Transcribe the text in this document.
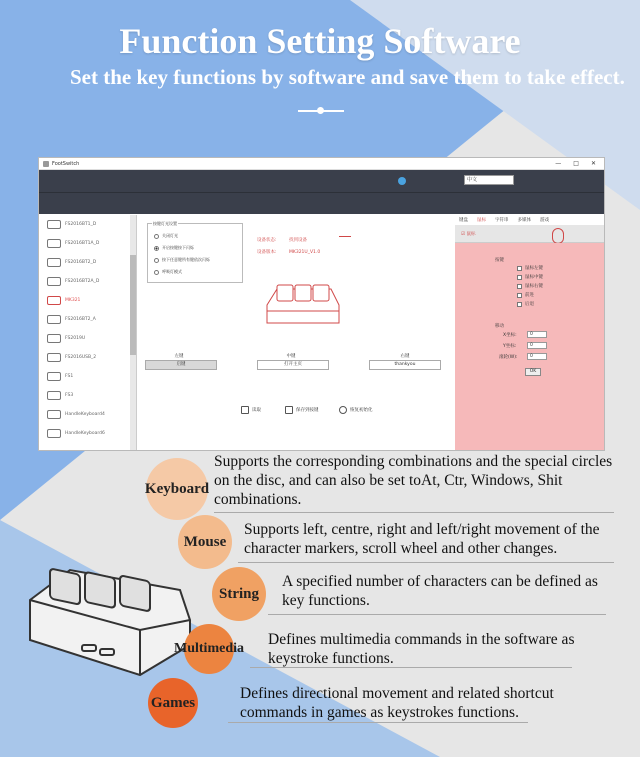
Function Setting Software
Set the key functions by software and save them to take effect.
FootSwitch	— □ ✕
中文
FS2016BT1_D
FS2016BT1A_D
FS2016BT2_D
FS2016BT2A_D
MK321
FS2016BT2_A
FS2019U
FS2016USB_2
FS1
FS3
HandleKeyboard4
HandleKeyboard6
按键灯光设置
关闭灯光
开启按键按下闪烁
按下任意键所有键依次闪烁
呼吸灯模式
设备状态:	找到设备
设备版本:	MK321U_V1.0
左键
启键
中键
打开主页
右键
thankyou
读取	保存到按键	恢复初始化
键盘 鼠标 字符串 多媒体 游戏
☑ 鼠标
按键
鼠标左键
鼠标中键
鼠标右键
前进
后退
移动
X坐标:	0
Y坐标:	0
滚轮(W):	0
OK
Keyboard
Supports the corresponding combinations and the special circles on the disc, and can also be set toAt, Ctr, Windows, Shit combinations.
Mouse
Supports left, centre, right and left/right movement of the character markers, scroll wheel and other changes.
String
A specified number of characters can be defined as key functions.
Multimedia
Defines multimedia commands in the software as keystroke functions.
Games
Defines directional movement and related shortcut commands in games as keystrokes functions.
